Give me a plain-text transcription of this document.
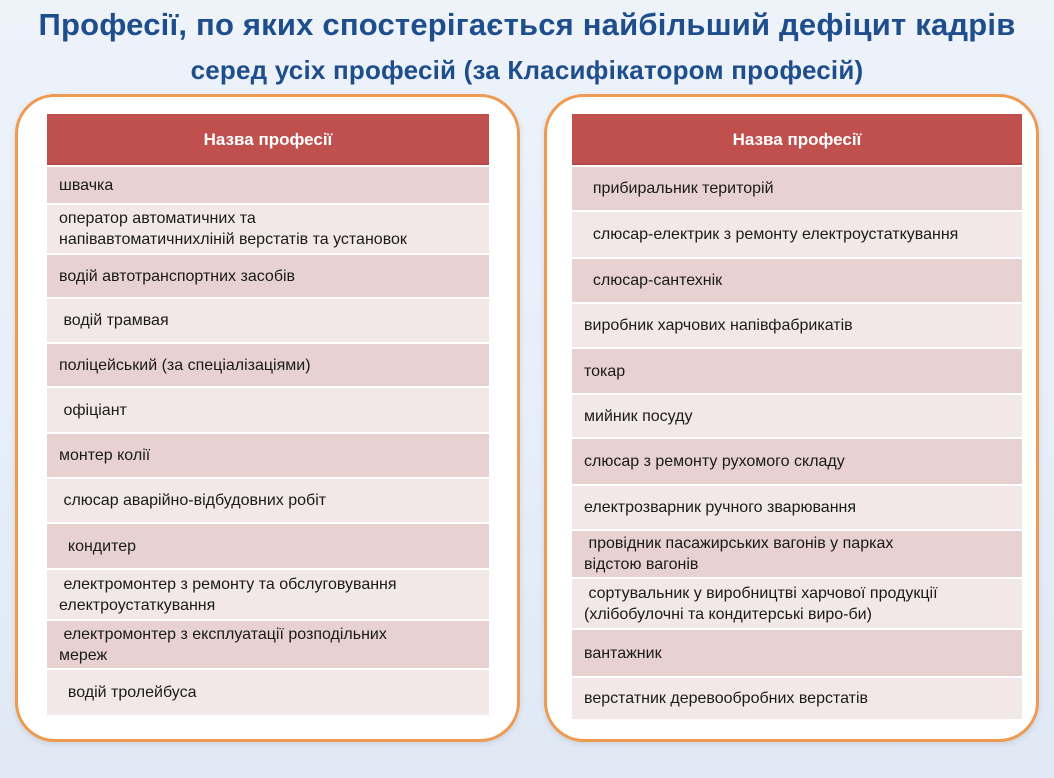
Професії, по яких спостерігається найбільший дефіцит кадрів
серед усіх професій (за Класифікатором професій)
Назва професії
швачка
оператор автоматичних та
напівавтоматичнихліній верстатів та установок
водій автотранспортних засобів
водій трамвая
поліцейський (за спеціалізаціями)
офіціант
монтер колії
слюсар аварійно-відбудовних робіт
кондитер
електромонтер з ремонту та обслуговування
електроустаткування
електромонтер з експлуатації розподільних
мереж
водій тролейбуса
Назва професії
прибиральник територій
слюсар-електрик з ремонту електроустаткування
слюсар-сантехнік
виробник харчових напівфабрикатів
токар
мийник посуду
слюсар з ремонту рухомого складу
електрозварник ручного зварювання
провідник пасажирських вагонів у парках
відстою вагонів
сортувальник у виробництві харчової продукції
(хлібобулочні та кондитерські виро-би)
вантажник
верстатник деревообробних верстатів
